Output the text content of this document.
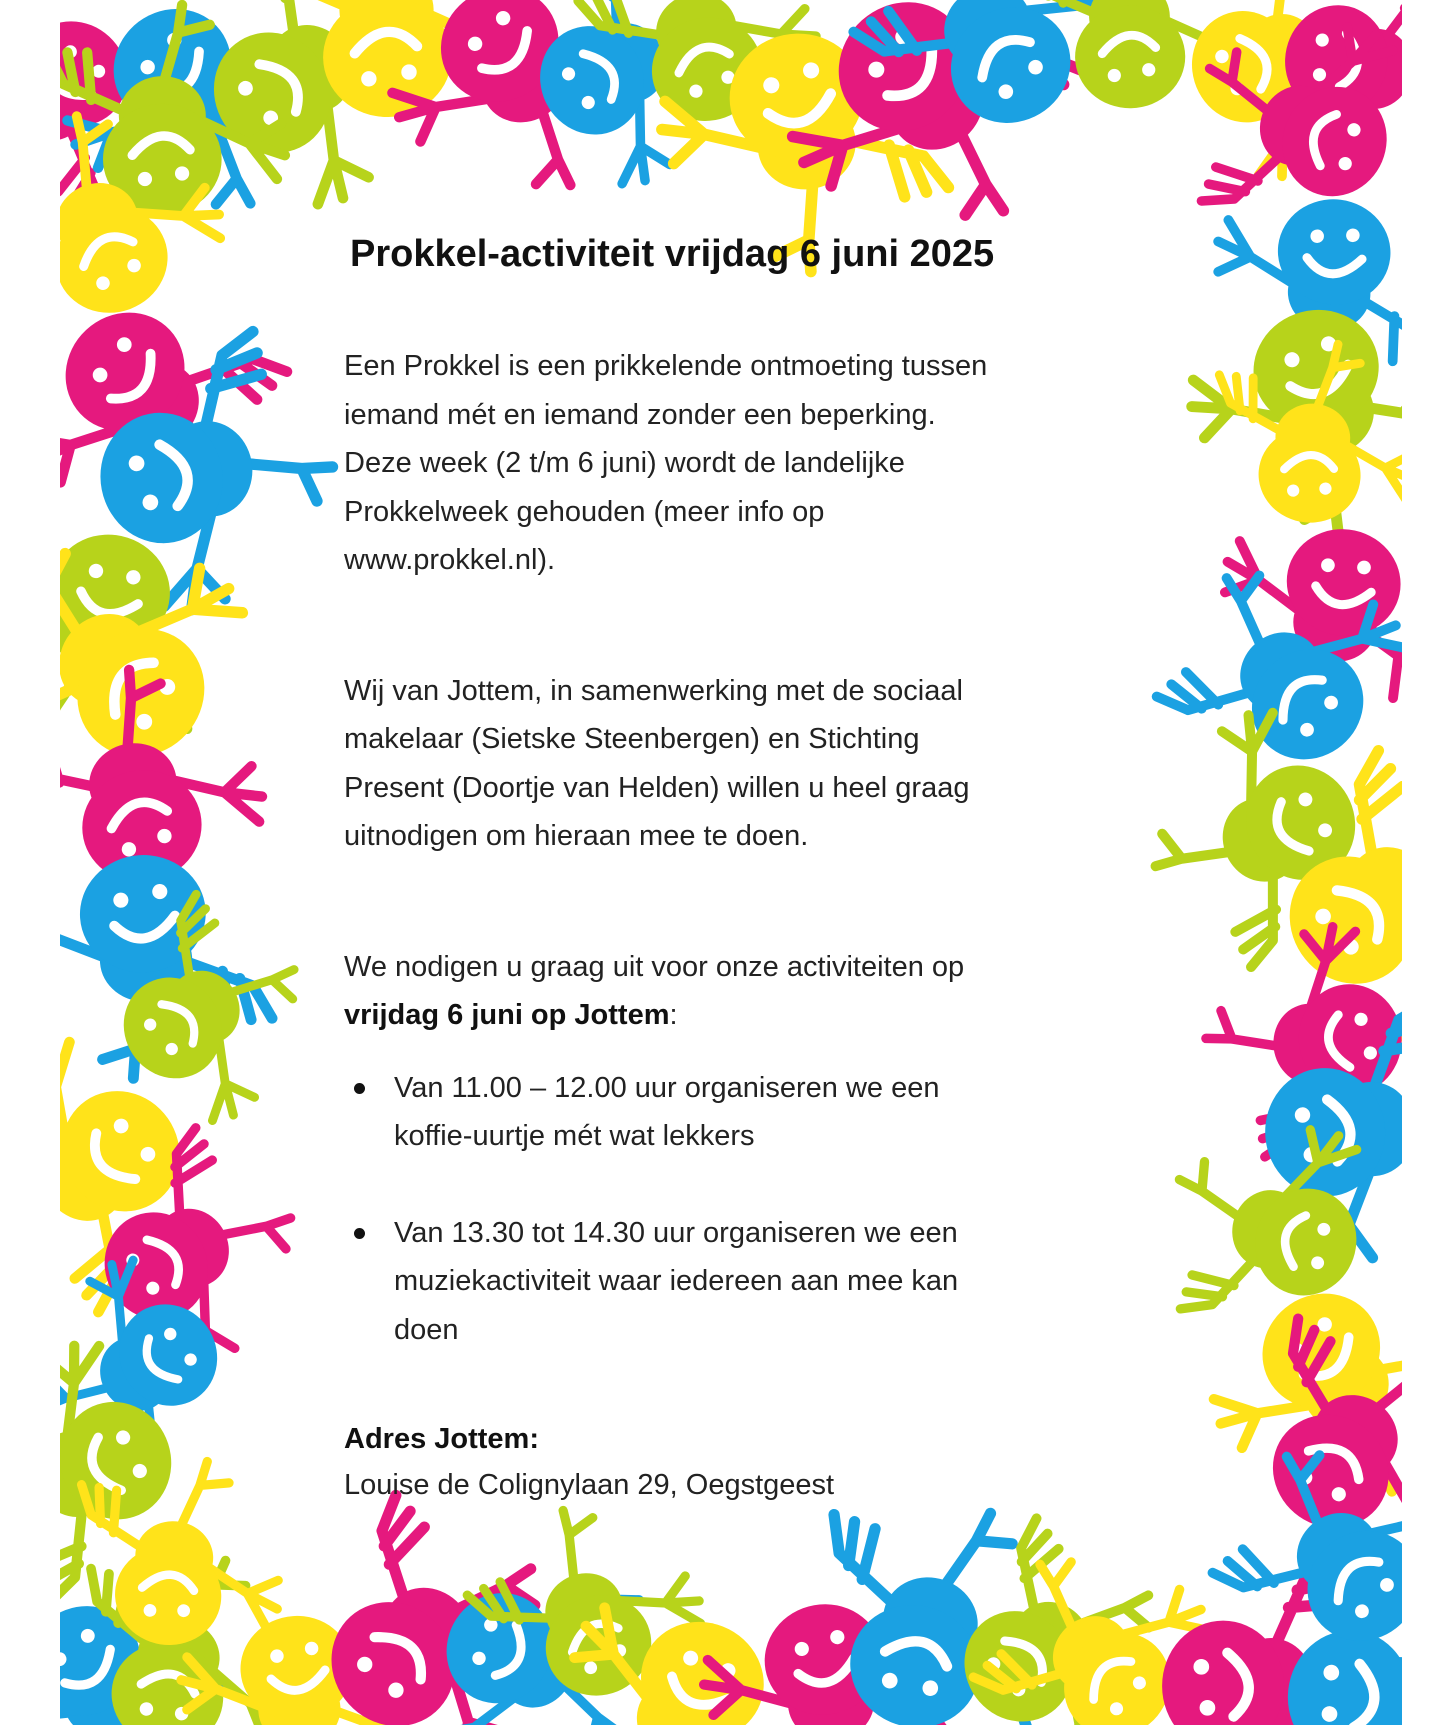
Prokkel-activiteit vrijdag 6 juni 2025

Een Prokkel is een prikkelende ontmoeting tussen

iemand mét en iemand zonder een beperking.

Deze week (2 t/m 6 juni) wordt de landelijke

Prokkelweek gehouden (meer info op

www.prokkel.nl).

Wij van Jottem, in samenwerking met de sociaal

makelaar (Sietske Steenbergen) en Stichting

Present (Doortje van Helden) willen u heel graag

uitnodigen om hieraan mee te doen.

We nodigen u graag uit voor onze activiteiten op

vrijdag 6 juni op Jottem:

Van 11.00 – 12.00 uur organiseren we een
koffie-uurtje mét wat lekkers
Van 13.30 tot 14.30 uur organiseren we een
muziekactiviteit waar iedereen aan mee kan
doen
Adres Jottem:
Louise de Colignylaan 29, Oegstgeest
